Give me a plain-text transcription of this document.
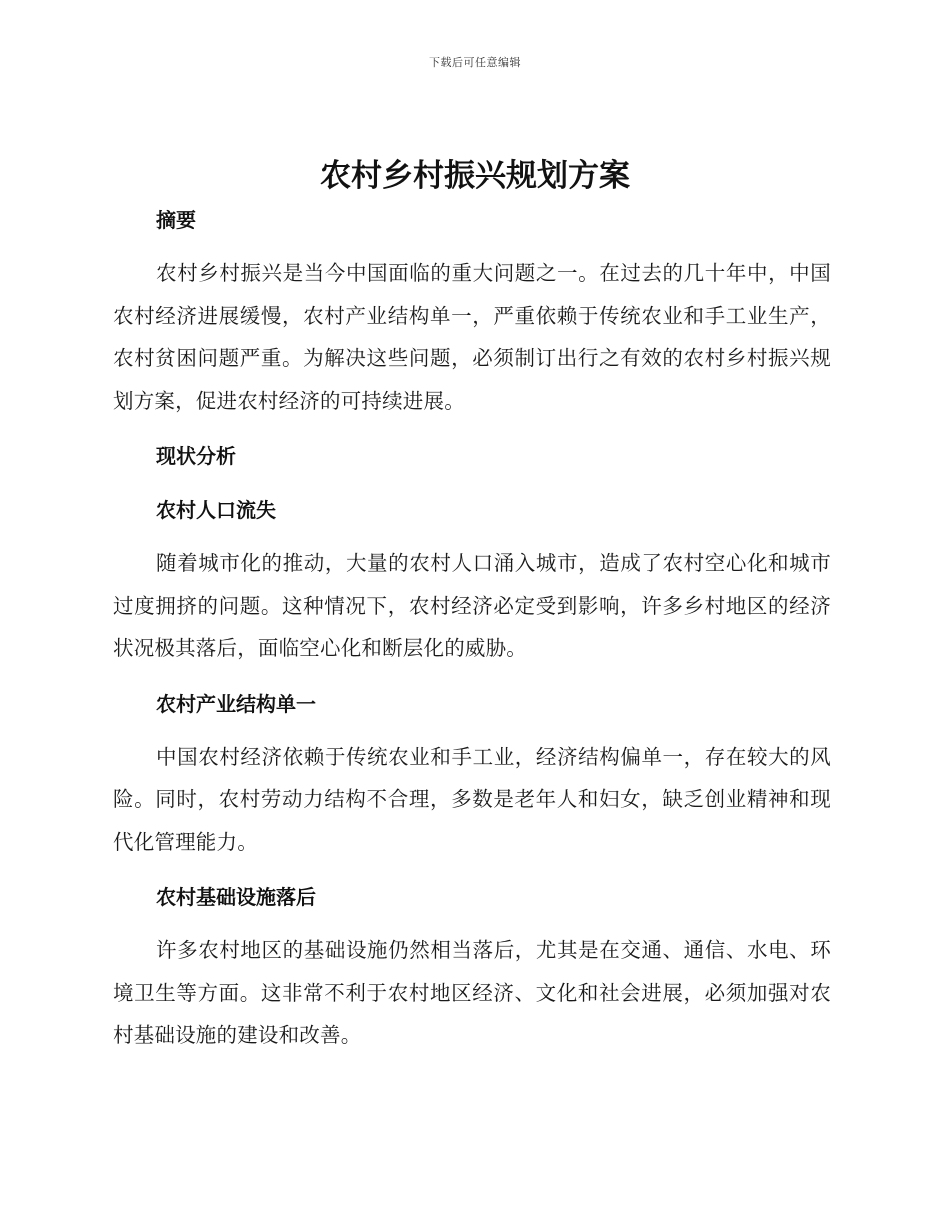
下载后可任意编辑
农村乡村振兴规划方案

摘要

农村乡村振兴是当今中国面临的重大问题之一。在过去的几十年中，中国农村经济进展缓慢，农村产业结构单一，严重依赖于传统农业和手工业生产，农村贫困问题严重。为解决这些问题，必须制订出行之有效的农村乡村振兴规划方案，促进农村经济的可持续进展。

现状分析

农村人口流失

随着城市化的推动，大量的农村人口涌入城市，造成了农村空心化和城市过度拥挤的问题。这种情况下，农村经济必定受到影响，许多乡村地区的经济状况极其落后，面临空心化和断层化的威胁。

农村产业结构单一

中国农村经济依赖于传统农业和手工业，经济结构偏单一，存在较大的风险。同时，农村劳动力结构不合理，多数是老年人和妇女，缺乏创业精神和现代化管理能力。

农村基础设施落后

许多农村地区的基础设施仍然相当落后，尤其是在交通、通信、水电、环境卫生等方面。这非常不利于农村地区经济、文化和社会进展，必须加强对农村基础设施的建设和改善。
